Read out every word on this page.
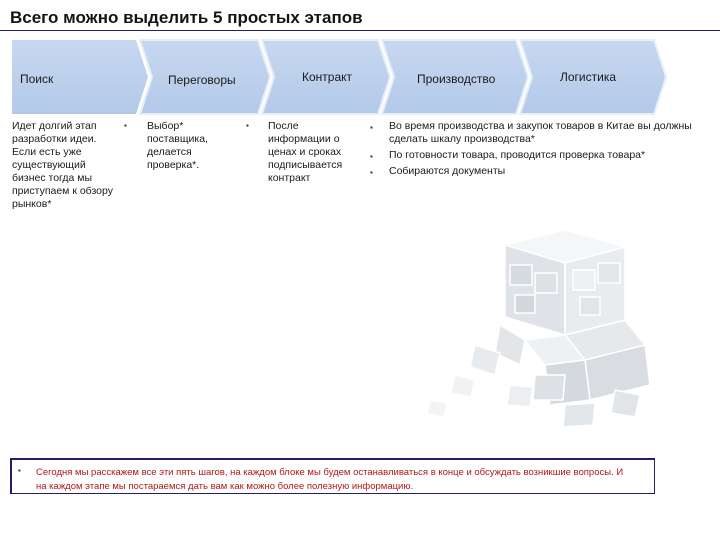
Всего можно выделить 5 простых этапов
Поиск	Переговоры	Контракт	Производство	Логистика
Идет долгий этап разработки идеи. Если есть уже существующий бизнес тогда мы приступаем к обзору рынков*
▪ Выбор* поставщика, делается проверка*.
▪ После информации о ценах и сроках подписывается контракт
▪ Во время производства и закупок товаров в Китае вы должны сделать шкалу производства*
▪ По готовности товара, проводится проверка товара*
▪ Собираются документы
▪ Сегодня мы расскажем все эти пять шагов, на каждом блоке мы будем останавливаться в конце и обсуждать возникшие вопросы. И на каждом этапе мы постараемся дать вам как можно более полезную информацию.
